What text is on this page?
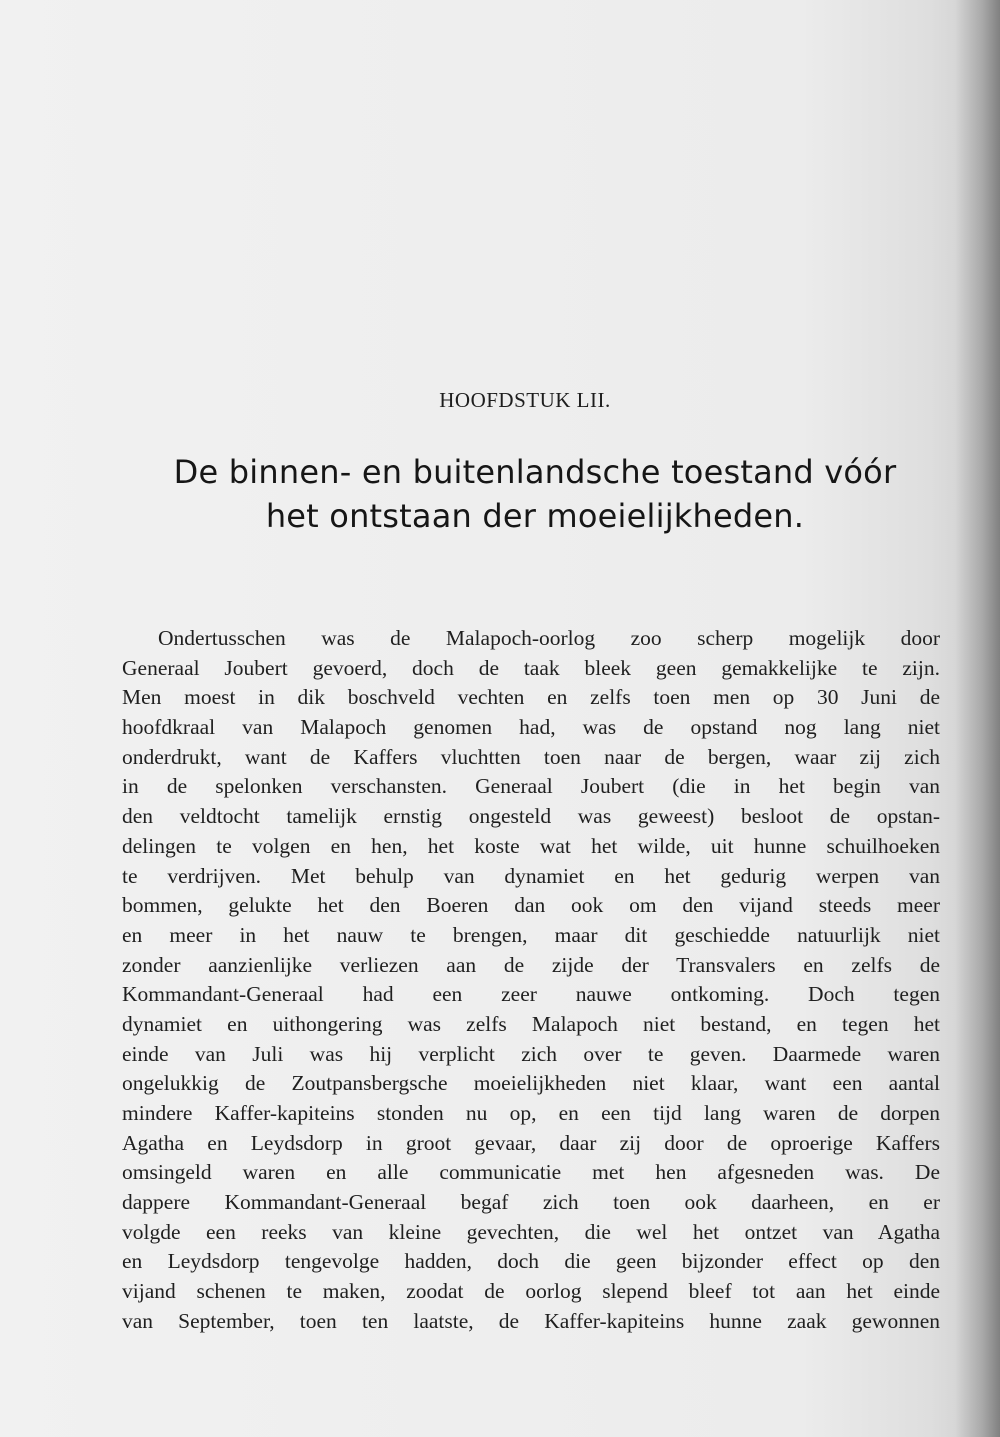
HOOFDSTUK LII.
De binnen- en buitenlandsche toestand vóór
het ontstaan der moeielijkheden.
Ondertusschen was de Malapoch-oorlog zoo scherp mogelijk door
Generaal Joubert gevoerd, doch de taak bleek geen gemakkelijke te zijn.
Men moest in dik boschveld vechten en zelfs toen men op 30 Juni de
hoofdkraal van Malapoch genomen had, was de opstand nog lang niet
onderdrukt, want de Kaffers vluchtten toen naar de bergen, waar zij zich
in de spelonken verschansten. Generaal Joubert (die in het begin van
den veldtocht tamelijk ernstig ongesteld was geweest) besloot de opstan-
delingen te volgen en hen, het koste wat het wilde, uit hunne schuilhoeken
te verdrijven. Met behulp van dynamiet en het gedurig werpen van
bommen, gelukte het den Boeren dan ook om den vijand steeds meer
en meer in het nauw te brengen, maar dit geschiedde natuurlijk niet
zonder aanzienlijke verliezen aan de zijde der Transvalers en zelfs de
Kommandant-Generaal had een zeer nauwe ontkoming. Doch tegen
dynamiet en uithongering was zelfs Malapoch niet bestand, en tegen het
einde van Juli was hij verplicht zich over te geven. Daarmede waren
ongelukkig de Zoutpansbergsche moeielijkheden niet klaar, want een aantal
mindere Kaffer-kapiteins stonden nu op, en een tijd lang waren de dorpen
Agatha en Leydsdorp in groot gevaar, daar zij door de oproerige Kaffers
omsingeld waren en alle communicatie met hen afgesneden was. De
dappere Kommandant-Generaal begaf zich toen ook daarheen, en er
volgde een reeks van kleine gevechten, die wel het ontzet van Agatha
en Leydsdorp tengevolge hadden, doch die geen bijzonder effect op den
vijand schenen te maken, zoodat de oorlog slepend bleef tot aan het einde
van September, toen ten laatste, de Kaffer-kapiteins hunne zaak gewonnen
